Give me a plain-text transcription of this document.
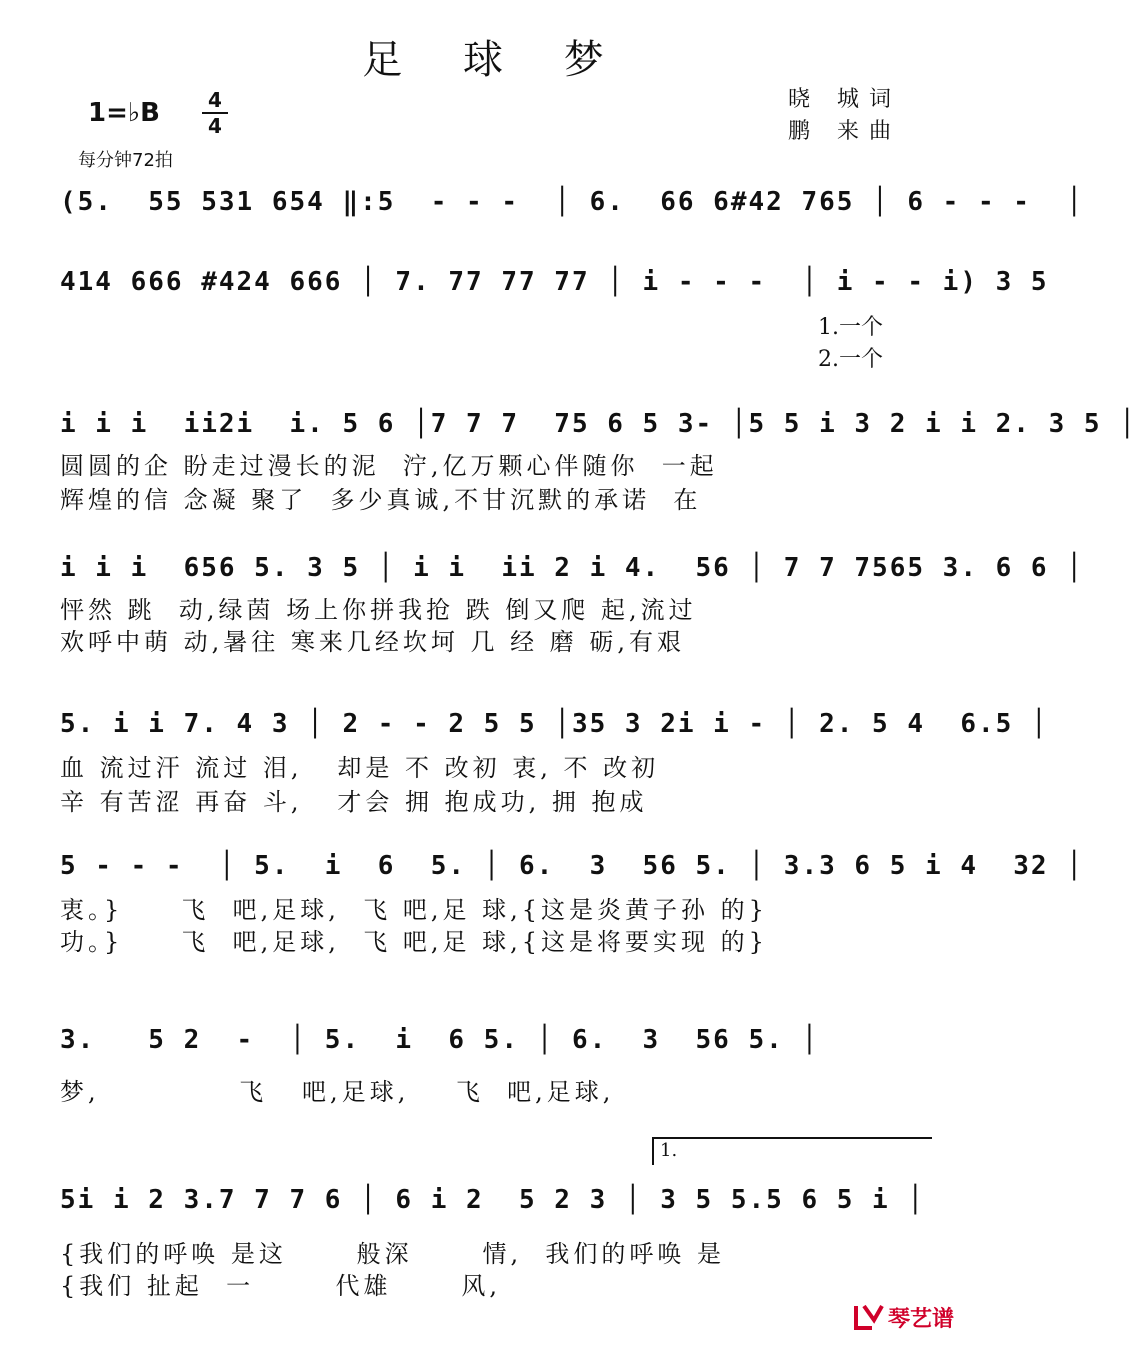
足 球 梦
1=♭B	4
4
每分钟72拍
晓 城词
鹏 来曲
(5.  55 531 654 ‖:5  - - -  │ 6.  66 6#42 765 │ 6 - - -  │
414 666 #424 666 │ 7. 77 77 77 │ i - - -  │ i - - i) 3 5
1.一个
2.一个
i i i  ii2i  i. 5 6 │7 7 7  75 6 5 3- │5 5 i 3 2 i i 2. 3 5 │
圆圆的企 盼走过漫长的泥  泞,亿万颗心伴随你  一起
辉煌的信 念凝 聚了  多少真诚,不甘沉默的承诺  在
i i i  656 5. 3 5 │ i i  ii 2 i 4.  56 │ 7 7 7565 3. 6 6 │
怦然 跳  动,绿茵 场上你拼我抢 跌 倒又爬 起,流过
欢呼中萌 动,暑往 寒来几经坎坷 几 经 磨 砺,有艰
5. i i 7. 4 3 │ 2 - - 2 5 5 │35 3 2i i - │ 2. 5 4  6.5 │
血 流过汗 流过 泪,   却是 不 改初 衷, 不 改初
辛 有苦涩 再奋 斗,   才会 拥 抱成功, 拥 抱成
5 - - -  │ 5.  i  6  5. │ 6.  3  56 5. │ 3.3 6 5 i 4  32 │
衷。}     飞  吧,足球,  飞 吧,足 球,{这是炎黄子孙 的}
功。}     飞  吧,足球,  飞 吧,足 球,{这是将要实现 的}
3.   5 2  -  │ 5.  i  6 5. │ 6.  3  56 5. │
梦,            飞   吧,足球,    飞  吧,足球,
1.
5i i 2 3.7 7 7 6 │ 6 i 2  5 2 3 │ 3 5 5.5 6 5 i │
{我们的呼唤 是这      般深      情,  我们的呼唤 是
{我们 扯起  一       代雄      风,
琴艺谱
